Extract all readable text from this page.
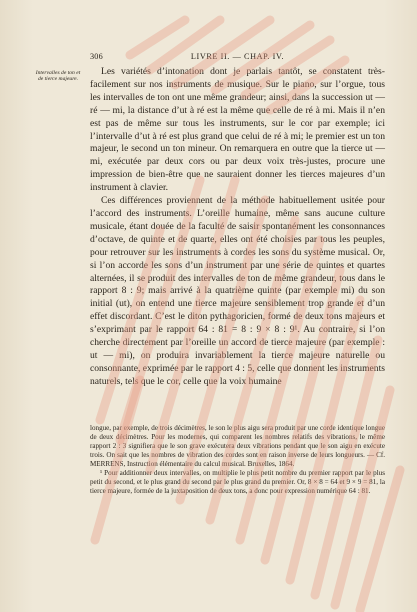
306	LIVRE II. — CHAP. IV.
Intervalles de ton et de tierce majeure.

Les variétés d’intonation dont je parlais tantôt, se constatent très-facilement sur nos instruments de musique. Sur le piano, sur l’orgue, tous les intervalles de ton ont une même grandeur; ainsi, dans la succession ut — ré — mi, la distance d’ut à ré est la même que celle de ré à mi. Mais il n’en est pas de même sur tous les instruments, sur le cor par exemple; ici l’intervalle d’ut à ré est plus grand que celui de ré à mi; le premier est un ton majeur, le second un ton mineur. On remarquera en outre que la tierce ut — mi, exécutée par deux cors ou par deux voix très-justes, procure une impression de bien-être que ne sauraient donner les tierces majeures d’un instrument à clavier.

Ces différences proviennent de la méthode habituellement usitée pour l’accord des instruments. L’oreille humaine, même sans aucune culture musicale, étant douée de la faculté de saisir spontanément les consonnances d’octave, de quinte et de quarte, elles ont été choisies par tous les peuples, pour retrouver sur les instruments à cordes les sons du système musical. Or, si l’on accorde les sons d’un instrument par une série de quintes et quartes alternées, il se produit des intervalles de ton de même grandeur, tous dans le rapport 8 : 9; mais arrivé à la quatrième quinte (par exemple mi) du son initial (ut), on entend une tierce majeure sensiblement trop grande et d’un effet discordant. C’est le diton pythagoricien, formé de deux tons majeurs et s’exprimant par le rapport 64 : 81 = 8 : 9 × 8 : 9¹. Au contraire, si l’on cherche directement par l’oreille un accord de tierce majeure (par exemple : ut — mi), on produira invariablement la tierce majeure naturelle ou consonnante, exprimée par le rapport 4 : 5, celle que donnent les instruments naturels, tels que le cor, celle que la voix humaine

longue, par exemple, de trois décimètres, le son le plus aigu sera produit par une corde identique longue de deux décimètres. Pour les modernes, qui comparent les nombres relatifs des vibrations, le même rapport 2 : 3 signifiera que le son grave exécutera deux vibrations pendant que le son aigu en exécute trois. On sait que les nombres de vibration des cordes sont en raison inverse de leurs longueurs. — Cf. MERRENS, Instruction élémentaire du calcul musical. Bruxelles, 1864.

¹ Pour additionner deux intervalles, on multiplie le plus petit nombre du premier rapport par le plus petit du second, et le plus grand du second par le plus grand du premier. Or, 8 × 8 = 64 et 9 × 9 = 81, la tierce majeure, formée de la juxtaposition de deux tons, a donc pour expression numérique 64 : 81.
